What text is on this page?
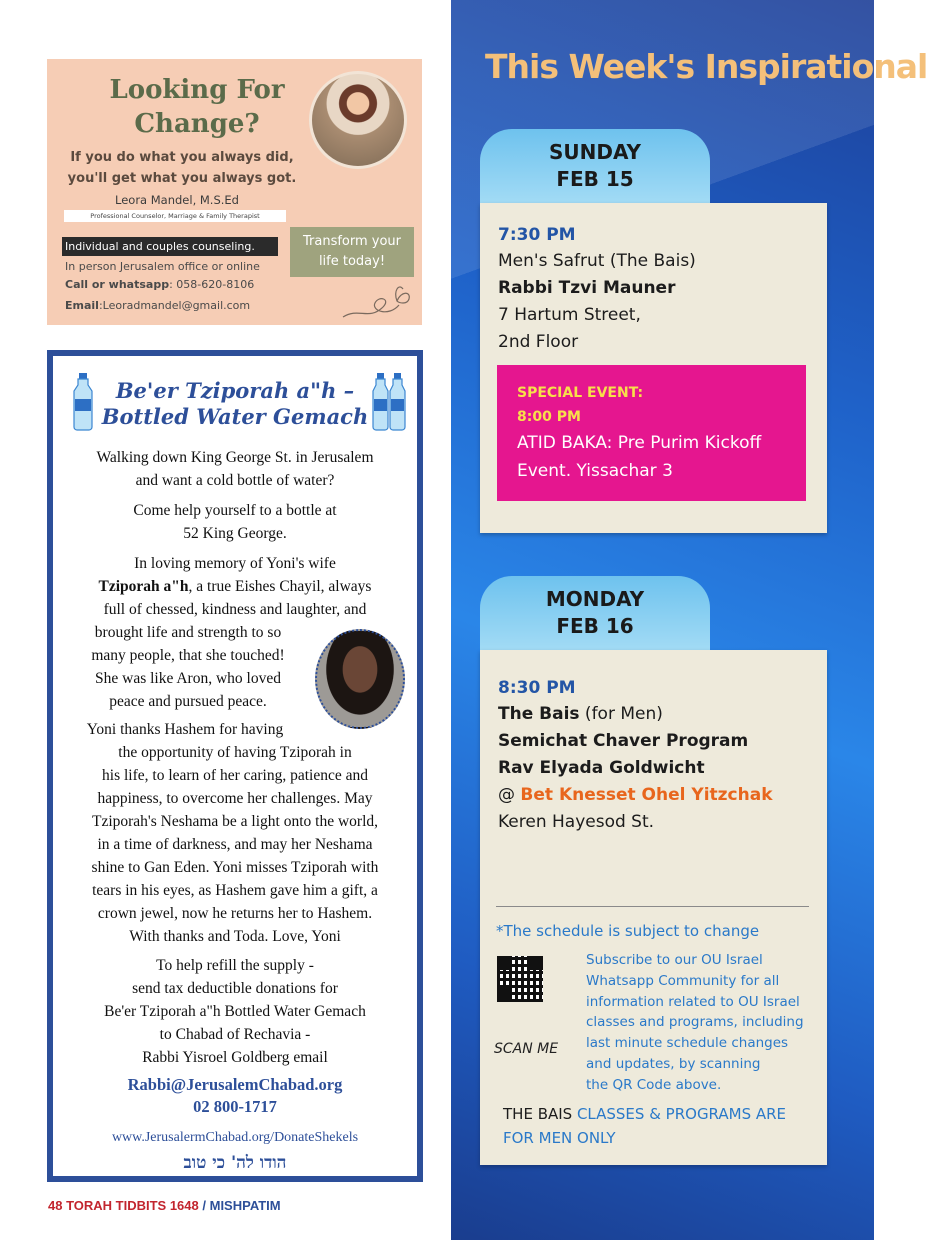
Looking For
Change?
If you do what you always did,
you'll get what you always got.
Leora Mandel, M.S.Ed
Professional Counselor, Marriage & Family Therapist
Individual and couples counseling.
In person Jerusalem office or online
Call or whatsapp: 058-620-8106
Email:Leoradmandel@gmail.com
Transform your
life today!
Be'er Tziporah a"h –
Bottled Water Gemach
Walking down King George St. in Jerusalem
and want a cold bottle of water?
Come help yourself to a bottle at
52 King George.
In loving memory of Yoni's wife
Tziporah a"h, a true Eishes Chayil, always
full of chessed, kindness and laughter, and
brought life and strength to so
many people, that she touched!
She was like Aron, who loved
peace and pursued peace.
Yoni thanks Hashem for having
the opportunity of having Tziporah in
his life, to learn of her caring, patience and
happiness, to overcome her challenges. May
Tziporah's Neshama be a light onto the world,
in a time of darkness, and may her Neshama
shine to Gan Eden. Yoni misses Tziporah with
tears in his eyes, as Hashem gave him a gift, a
crown jewel, now he returns her to Hashem.
With thanks and Toda. Love, Yoni
To help refill the supply -
send tax deductible donations for
Be'er Tziporah a"h Bottled Water Gemach
to Chabad of Rechavia -
Rabbi Yisroel Goldberg email
Rabbi@JerusalemChabad.org
02 800-1717
www.JerusalermChabad.org/DonateShekels
הודו לה' כי טוב
48 TORAH TIDBITS 1648 / MISHPATIM
This Week's Inspirational
SUNDAY
FEB 15
7:30 PM
Men's Safrut (The Bais)
Rabbi Tzvi Mauner
7 Hartum Street,
2nd Floor
SPECIAL EVENT:
8:00 PM
ATID BAKA: Pre Purim Kickoff
Event. Yissachar 3
MONDAY
FEB 16
8:30 PM
The Bais (for Men)
Semichat Chaver Program
Rav Elyada Goldwicht
@ Bet Knesset Ohel Yitzchak
Keren Hayesod St.
*The schedule is subject to change
SCAN ME
Subscribe to our OU Israel
Whatsapp Community for all
information related to OU Israel
classes and programs, including
last minute schedule changes
and updates, by scanning
the QR Code above.
THE BAIS CLASSES & PROGRAMS ARE
FOR MEN ONLY
